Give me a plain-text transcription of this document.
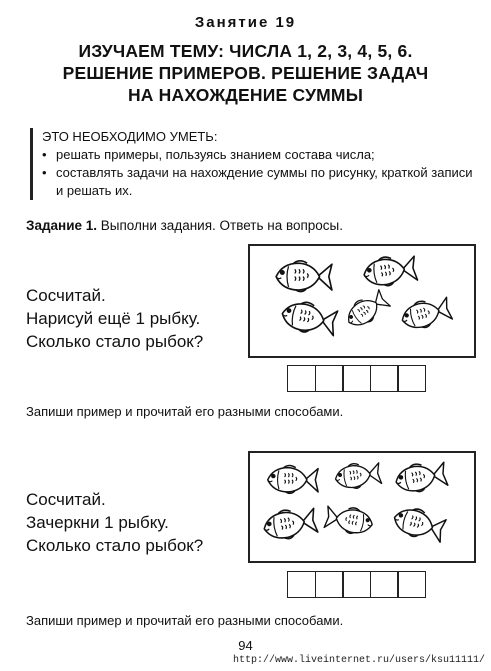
Занятие 19
ИЗУЧАЕМ ТЕМУ: ЧИСЛА 1, 2, 3, 4, 5, 6.
РЕШЕНИЕ ПРИМЕРОВ. РЕШЕНИЕ ЗАДАЧ
НА НАХОЖДЕНИЕ СУММЫ
ЭТО НЕОБХОДИМО УМЕТЬ:
• решать примеры, пользуясь знанием состава числа;
• составлять задачи на нахождение суммы по рисунку, краткой записи и решать их.
Задание 1. Выполни задания. Ответь на вопросы.
Сосчитай.
Нарисуй ещё 1 рыбку.
Сколько стало рыбок?
Запиши пример и прочитай его разными способами.
Сосчитай.
Зачеркни 1 рыбку.
Сколько стало рыбок?
Запиши пример и прочитай его разными способами.
94
http://www.liveinternet.ru/users/ksu11111/
